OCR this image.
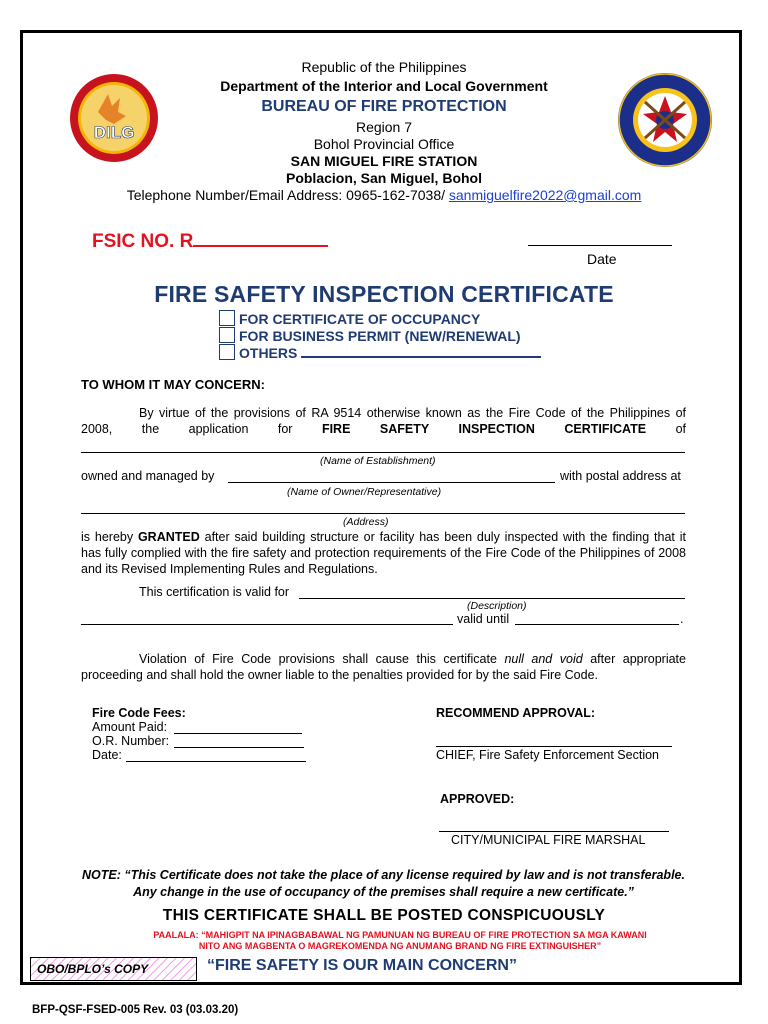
DILG
Republic of the Philippines
Department of the Interior and Local Government
BUREAU OF FIRE PROTECTION
Region 7
Bohol Provincial Office
SAN MIGUEL FIRE STATION
Poblacion, San Miguel, Bohol
Telephone Number/Email Address: 0965-162-7038/ sanmiguelfire2022@gmail.com
FSIC NO. R
Date
FIRE SAFETY INSPECTION CERTIFICATE
FOR CERTIFICATE OF OCCUPANCY
FOR BUSINESS PERMIT (NEW/RENEWAL)
OTHERS
TO WHOM IT MAY CONCERN:
By virtue of the provisions of RA 9514 otherwise known as the Fire Code of the Philippines of 2008, the application for FIRE SAFETY INSPECTION CERTIFICATE of
(Name of Establishment)
owned and managed by	with postal address at
(Name of Owner/Representative)
(Address)
is hereby GRANTED after said building structure or facility has been duly inspected with the finding that it has fully complied with the fire safety and protection requirements of the Fire Code of the Philippines of 2008 and its Revised Implementing Rules and Regulations.
This certification is valid for
(Description)
valid until	.
Violation of Fire Code provisions shall cause this certificate null and void after appropriate proceeding and shall hold the owner liable to the penalties provided for by the said Fire Code.
Fire Code Fees:
Amount Paid:
O.R. Number:
Date:
RECOMMEND APPROVAL:
CHIEF, Fire Safety Enforcement Section
APPROVED:
CITY/MUNICIPAL FIRE MARSHAL
NOTE: “This Certificate does not take the place of any license required by law and is not transferable. Any change in the use of occupancy of the premises shall require a new certificate.”
THIS CERTIFICATE SHALL BE POSTED CONSPICUOUSLY
PAALALA: “MAHIGPIT NA IPINAGBABAWAL NG PAMUNUAN NG BUREAU OF FIRE PROTECTION SA MGA KAWANI NITO ANG MAGBENTA O MAGREKOMENDA NG ANUMANG BRAND NG FIRE EXTINGUISHER”
OBO/BPLO’s COPY	“FIRE SAFETY IS OUR MAIN CONCERN”
BFP-QSF-FSED-005 Rev. 03 (03.03.20)
